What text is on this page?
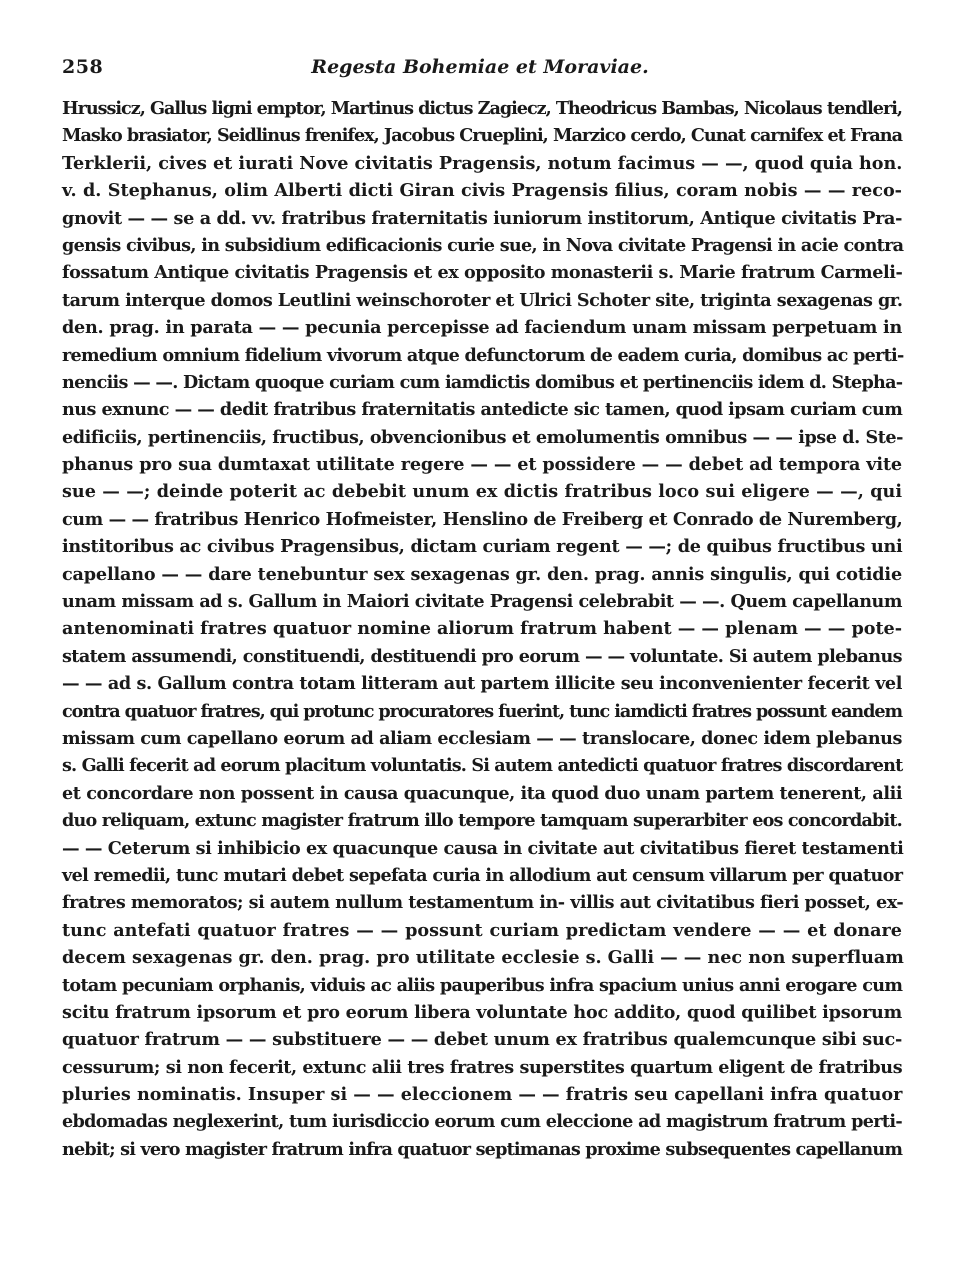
258	Regesta Bohemiae et Moraviae.
Hrussicz, Gallus ligni emptor, Martinus dictus Zagiecz, Theodricus Bambas, Nicolaus tendleri,
Masko brasiator, Seidlinus frenifex, Jacobus Crueplini, Marzico cerdo, Cunat carnifex et Frana
Terklerii, cives et iurati Nove civitatis Pragensis, notum facimus — —, quod quia hon.
v. d. Stephanus, olim Alberti dicti Giran civis Pragensis filius, coram nobis — — reco-
gnovit — — se a dd. vv. fratribus fraternitatis iuniorum institorum, Antique civitatis Pra-
gensis civibus, in subsidium edificacionis curie sue, in Nova civitate Pragensi in acie contra
fossatum Antique civitatis Pragensis et ex opposito monasterii s. Marie fratrum Carmeli-
tarum interque domos Leutlini weinschoroter et Ulrici Schoter site, triginta sexagenas gr.
den. prag. in parata — — pecunia percepisse ad faciendum unam missam perpetuam in
remedium omnium fidelium vivorum atque defunctorum de eadem curia, domibus ac perti-
nenciis — —. Dictam quoque curiam cum iamdictis domibus et pertinenciis idem d. Stepha-
nus exnunc — — dedit fratribus fraternitatis antedicte sic tamen, quod ipsam curiam cum
edificiis, pertinenciis, fructibus, obvencionibus et emolumentis omnibus — — ipse d. Ste-
phanus pro sua dumtaxat utilitate regere — — et possidere — — debet ad tempora vite
sue — —; deinde poterit ac debebit unum ex dictis fratribus loco sui eligere — —, qui
cum — — fratribus Henrico Hofmeister, Henslino de Freiberg et Conrado de Nuremberg,
institoribus ac civibus Pragensibus, dictam curiam regent — —; de quibus fructibus uni
capellano — — dare tenebuntur sex sexagenas gr. den. prag. annis singulis, qui cotidie
unam missam ad s. Gallum in Maiori civitate Pragensi celebrabit — —. Quem capellanum
antenominati fratres quatuor nomine aliorum fratrum habent — — plenam — — pote-
statem assumendi, constituendi, destituendi pro eorum — — voluntate. Si autem plebanus
— — ad s. Gallum contra totam litteram aut partem illicite seu inconvenienter fecerit vel
contra quatuor fratres, qui protunc procuratores fuerint, tunc iamdicti fratres possunt eandem
missam cum capellano eorum ad aliam ecclesiam — — translocare, donec idem plebanus
s. Galli fecerit ad eorum placitum voluntatis. Si autem antedicti quatuor fratres discordarent
et concordare non possent in causa quacunque, ita quod duo unam partem tenerent, alii
duo reliquam, extunc magister fratrum illo tempore tamquam superarbiter eos concordabit.
— — Ceterum si inhibicio ex quacunque causa in civitate aut civitatibus fieret testamenti
vel remedii, tunc mutari debet sepefata curia in allodium aut censum villarum per quatuor
fratres memoratos; si autem nullum testamentum in- villis aut civitatibus fieri posset, ex-
tunc antefati quatuor fratres — — possunt curiam predictam vendere — — et donare
decem sexagenas gr. den. prag. pro utilitate ecclesie s. Galli — — nec non superfluam
totam pecuniam orphanis, viduis ac aliis pauperibus infra spacium unius anni erogare cum
scitu fratrum ipsorum et pro eorum libera voluntate hoc addito, quod quilibet ipsorum
quatuor fratrum — — substituere — — debet unum ex fratribus qualemcunque sibi suc-
cessurum; si non fecerit, extunc alii tres fratres superstites quartum eligent de fratribus
pluries nominatis. Insuper si — — eleccionem — — fratris seu capellani infra quatuor
ebdomadas neglexerint, tum iurisdiccio eorum cum eleccione ad magistrum fratrum perti-
nebit; si vero magister fratrum infra quatuor septimanas proxime subsequentes capellanum
